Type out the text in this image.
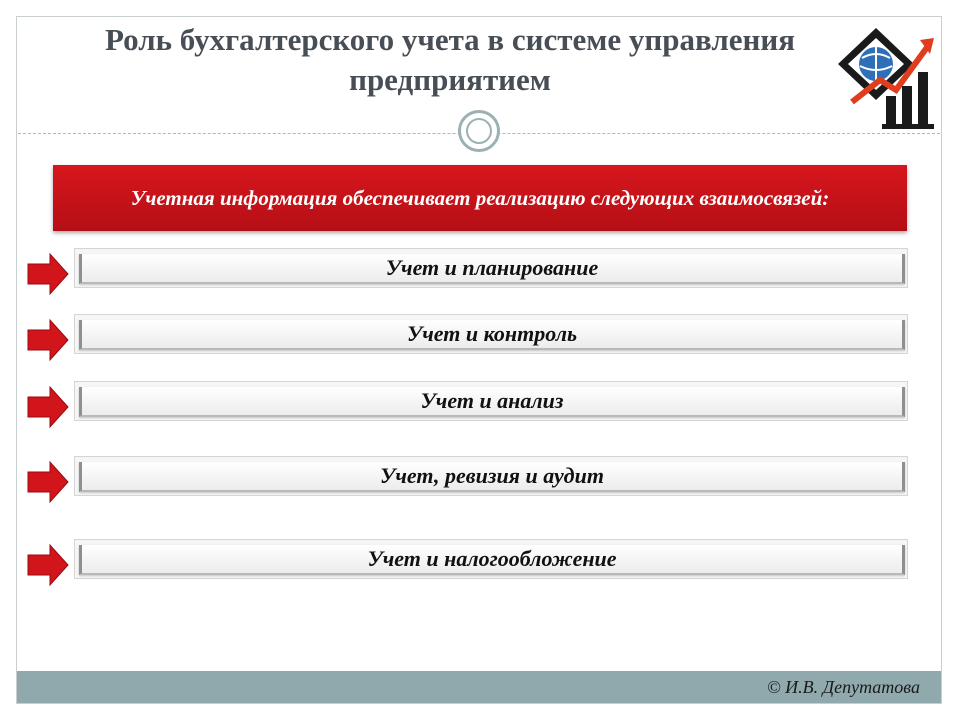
Роль бухгалтерского учета в системе управления предприятием
Учетная информация обеспечивает реализацию следующих взаимосвязей:
Учет и планирование
Учет и контроль
Учет и анализ
Учет, ревизия и аудит
Учет и налогообложение
© И.В. Депутатова
